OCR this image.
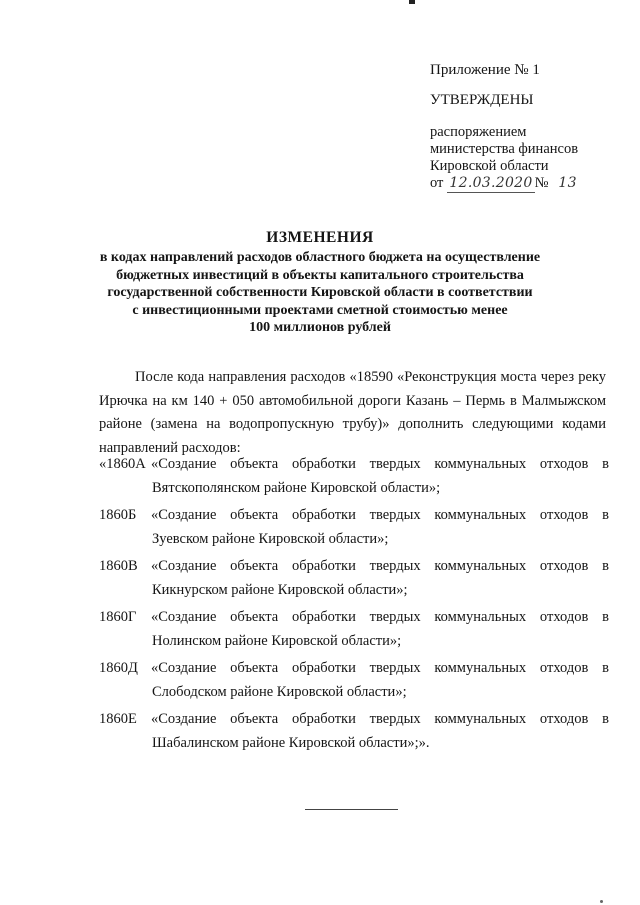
Приложение № 1
УТВЕРЖДЕНЫ
распоряжением
министерства финансов
Кировской области
от 12.03.2020 № 13
ИЗМЕНЕНИЯ
в кодах направлений расходов областного бюджета на осуществление
бюджетных инвестиций в объекты капитального строительства
государственной собственности Кировской области в соответствии
с инвестиционными проектами сметной стоимостью менее
100 миллионов рублей
После кода направления расходов «18590 «Реконструкция моста через реку Ирючка на км 140 + 050 автомобильной дороги Казань – Пермь в Малмыжском районе (замена на водопропускную трубу)» дополнить следующими кодами направлений расходов:
«1860А «Создание объекта обработки твердых коммунальных отходов в
Вятскополянском районе Кировской области»;
1860Б	«Создание объекта обработки твердых коммунальных отходов в
Зуевском районе Кировской области»;
1860В «Создание объекта обработки твердых коммунальных отходов в
Кикнурском районе Кировской области»;
1860Г	«Создание объекта обработки твердых коммунальных отходов в
Нолинском районе Кировской области»;
1860Д «Создание объекта обработки твердых коммунальных отходов в
Слободском районе Кировской области»;
1860Е «Создание объекта обработки твердых коммунальных отходов в
Шабалинском районе Кировской области»;».
